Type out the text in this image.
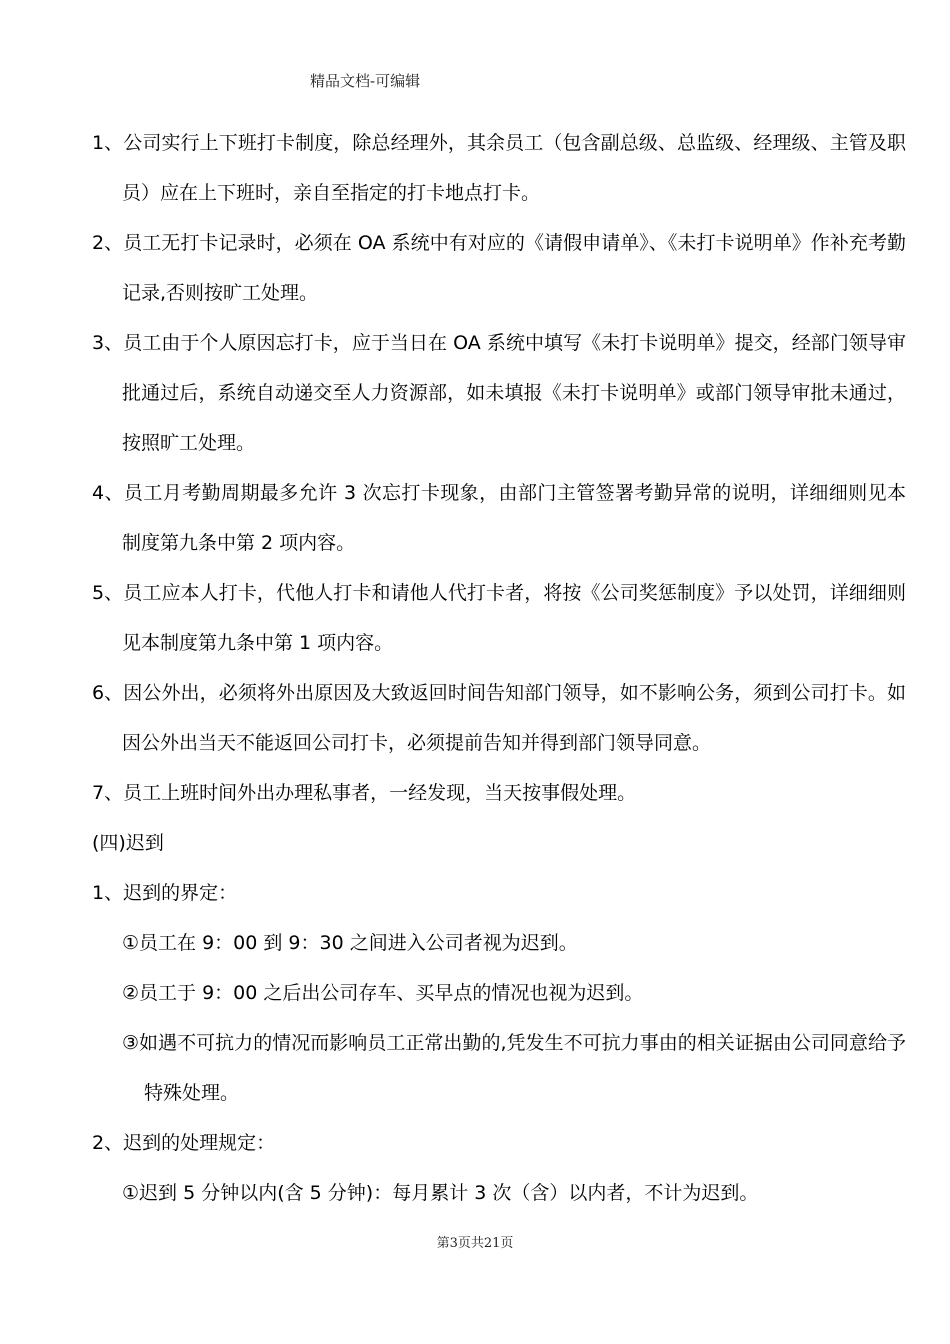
精品文档-可编辑

1、公司实行上下班打卡制度，除总经理外，其余员工（包含副总级、总监级、经理级、主管及职员）应在上下班时，亲自至指定的打卡地点打卡。

2、员工无打卡记录时，必须在 OA 系统中有对应的《请假申请单》、《未打卡说明单》作补充考勤记录,否则按旷工处理。

3、员工由于个人原因忘打卡，应于当日在 OA 系统中填写《未打卡说明单》提交，经部门领导审批通过后，系统自动递交至人力资源部，如未填报《未打卡说明单》或部门领导审批未通过，按照旷工处理。

4、员工月考勤周期最多允许 3 次忘打卡现象，由部门主管签署考勤异常的说明，详细细则见本制度第九条中第 2 项内容。

5、员工应本人打卡，代他人打卡和请他人代打卡者，将按《公司奖惩制度》予以处罚，详细细则见本制度第九条中第 1 项内容。

6、因公外出，必须将外出原因及大致返回时间告知部门领导，如不影响公务，须到公司打卡。如因公外出当天不能返回公司打卡，必须提前告知并得到部门领导同意。

7、员工上班时间外出办理私事者，一经发现，当天按事假处理。

(四)迟到

1、迟到的界定：

①员工在 9：00 到 9：30 之间进入公司者视为迟到。

②员工于 9：00 之后出公司存车、买早点的情况也视为迟到。

③如遇不可抗力的情况而影响员工正常出勤的,凭发生不可抗力事由的相关证据由公司同意给予特殊处理。

2、迟到的处理规定：

①迟到 5 分钟以内(含 5 分钟)：每月累计 3 次（含）以内者，不计为迟到。

第3页共21页
